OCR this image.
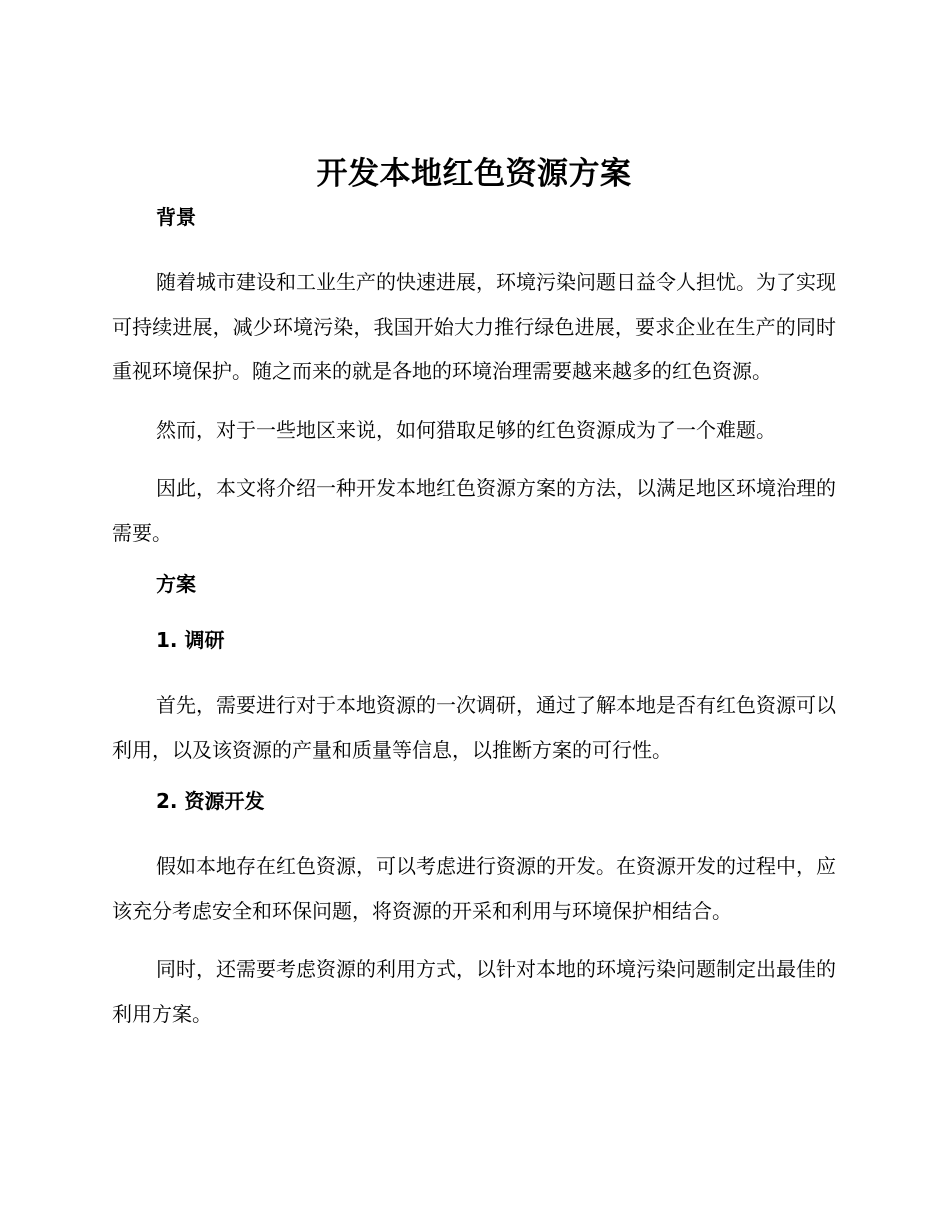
开发本地红色资源方案
背景

随着城市建设和工业生产的快速进展，环境污染问题日益令人担忧。为了实现可持续进展，减少环境污染，我国开始大力推行绿色进展，要求企业在生产的同时重视环境保护。随之而来的就是各地的环境治理需要越来越多的红色资源。

然而，对于一些地区来说，如何猎取足够的红色资源成为了一个难题。

因此，本文将介绍一种开发本地红色资源方案的方法，以满足地区环境治理的需要。

方案
1. 调研

首先，需要进行对于本地资源的一次调研，通过了解本地是否有红色资源可以利用，以及该资源的产量和质量等信息，以推断方案的可行性。

2. 资源开发

假如本地存在红色资源，可以考虑进行资源的开发。在资源开发的过程中，应该充分考虑安全和环保问题，将资源的开采和利用与环境保护相结合。

同时，还需要考虑资源的利用方式，以针对本地的环境污染问题制定出最佳的利用方案。
